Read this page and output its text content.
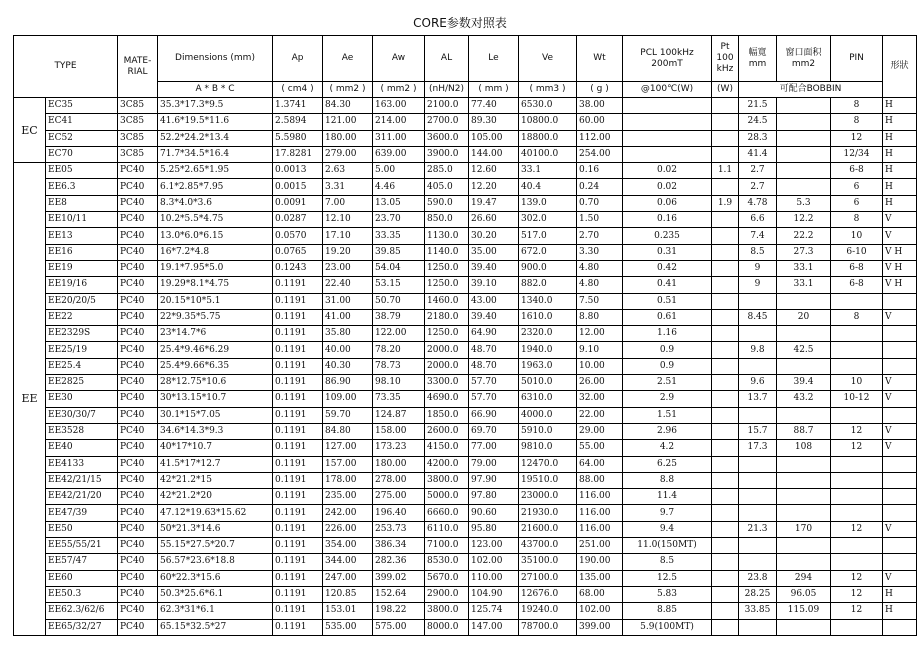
CORE参数对照表
TYPE		MATE-RIAL	Dimensions (mm)	Ap	Ae	Aw	AL	Le	Ve	Wt	PCL 100kHz 200mT	Pt 100 kHz	幅寬 mm	窗口面积 mm2	PIN	形狀
			A * B * C	( cm4 )	( mm2 )	( mm2 )	(nH/N2)	( mm )	( mm3 )	( g )	@100℃(W)	(W)	可配合BOBBIN			
EC	EC35	3C85	35.3*17.3*9.5	1.3741	84.30	163.00	2100.0	77.40	6530.0	38.00			21.5		8	H
	EC41	3C85	41.6*19.5*11.6	2.5894	121.00	214.00	2700.0	89.30	10800.0	60.00			24.5		8	H
	EC52	3C85	52.2*24.2*13.4	5.5980	180.00	311.00	3600.0	105.00	18800.0	112.00			28.3		12	H
	EC70	3C85	71.7*34.5*16.4	17.8281	279.00	639.00	3900.0	144.00	40100.0	254.00			41.4		12/34	H
EE	EE05	PC40	5.25*2.65*1.95	0.0013	2.63	5.00	285.0	12.60	33.1	0.16	0.02	1.1	2.7		6-8	H
	EE6.3	PC40	6.1*2.85*7.95	0.0015	3.31	4.46	405.0	12.20	40.4	0.24	0.02		2.7		6	H
	EE8	PC40	8.3*4.0*3.6	0.0091	7.00	13.05	590.0	19.47	139.0	0.70	0.06	1.9	4.78	5.3	6	H
	EE10/11	PC40	10.2*5.5*4.75	0.0287	12.10	23.70	850.0	26.60	302.0	1.50	0.16		6.6	12.2	8	V
	EE13	PC40	13.0*6.0*6.15	0.0570	17.10	33.35	1130.0	30.20	517.0	2.70	0.235		7.4	22.2	10	V
	EE16	PC40	16*7.2*4.8	0.0765	19.20	39.85	1140.0	35.00	672.0	3.30	0.31		8.5	27.3	6-10	V H
	EE19	PC40	19.1*7.95*5.0	0.1243	23.00	54.04	1250.0	39.40	900.0	4.80	0.42		9	33.1	6-8	V H
	EE19/16	PC40	19.29*8.1*4.75	0.1191	22.40	53.15	1250.0	39.10	882.0	4.80	0.41		9	33.1	6-8	V H
	EE20/20/5	PC40	20.15*10*5.1	0.1191	31.00	50.70	1460.0	43.00	1340.0	7.50	0.51					
	EE22	PC40	22*9.35*5.75	0.1191	41.00	38.79	2180.0	39.40	1610.0	8.80	0.61		8.45	20	8	V
	EE2329S	PC40	23*14.7*6	0.1191	35.80	122.00	1250.0	64.90	2320.0	12.00	1.16					
	EE25/19	PC40	25.4*9.46*6.29	0.1191	40.00	78.20	2000.0	48.70	1940.0	9.10	0.9		9.8	42.5		
	EE25.4	PC40	25.4*9.66*6.35	0.1191	40.30	78.73	2000.0	48.70	1963.0	10.00	0.9					
	EE2825	PC40	28*12.75*10.6	0.1191	86.90	98.10	3300.0	57.70	5010.0	26.00	2.51		9.6	39.4	10	V
	EE30	PC40	30*13.15*10.7	0.1191	109.00	73.35	4690.0	57.70	6310.0	32.00	2.9		13.7	43.2	10-12	V
	EE30/30/7	PC40	30.1*15*7.05	0.1191	59.70	124.87	1850.0	66.90	4000.0	22.00	1.51					
	EE3528	PC40	34.6*14.3*9.3	0.1191	84.80	158.00	2600.0	69.70	5910.0	29.00	2.96		15.7	88.7	12	V
	EE40	PC40	40*17*10.7	0.1191	127.00	173.23	4150.0	77.00	9810.0	55.00	4.2		17.3	108	12	V
	EE4133	PC40	41.5*17*12.7	0.1191	157.00	180.00	4200.0	79.00	12470.0	64.00	6.25					
	EE42/21/15	PC40	42*21.2*15	0.1191	178.00	278.00	3800.0	97.90	19510.0	88.00	8.8					
	EE42/21/20	PC40	42*21.2*20	0.1191	235.00	275.00	5000.0	97.80	23000.0	116.00	11.4					
	EE47/39	PC40	47.12*19.63*15.62	0.1191	242.00	196.40	6660.0	90.60	21930.0	116.00	9.7					
	EE50	PC40	50*21.3*14.6	0.1191	226.00	253.73	6110.0	95.80	21600.0	116.00	9.4		21.3	170	12	V
	EE55/55/21	PC40	55.15*27.5*20.7	0.1191	354.00	386.34	7100.0	123.00	43700.0	251.00	11.0(150MT)					
	EE57/47	PC40	56.57*23.6*18.8	0.1191	344.00	282.36	8530.0	102.00	35100.0	190.00	8.5					
	EE60	PC40	60*22.3*15.6	0.1191	247.00	399.02	5670.0	110.00	27100.0	135.00	12.5		23.8	294	12	V
	EE50.3	PC40	50.3*25.6*6.1	0.1191	120.85	152.64	2900.0	104.90	12676.0	68.00	5.83		28.25	96.05	12	H
	EE62.3/62/6	PC40	62.3*31*6.1	0.1191	153.01	198.22	3800.0	125.74	19240.0	102.00	8.85		33.85	115.09	12	H
	EE65/32/27	PC40	65.15*32.5*27	0.1191	535.00	575.00	8000.0	147.00	78700.0	399.00	5.9(100MT)					
